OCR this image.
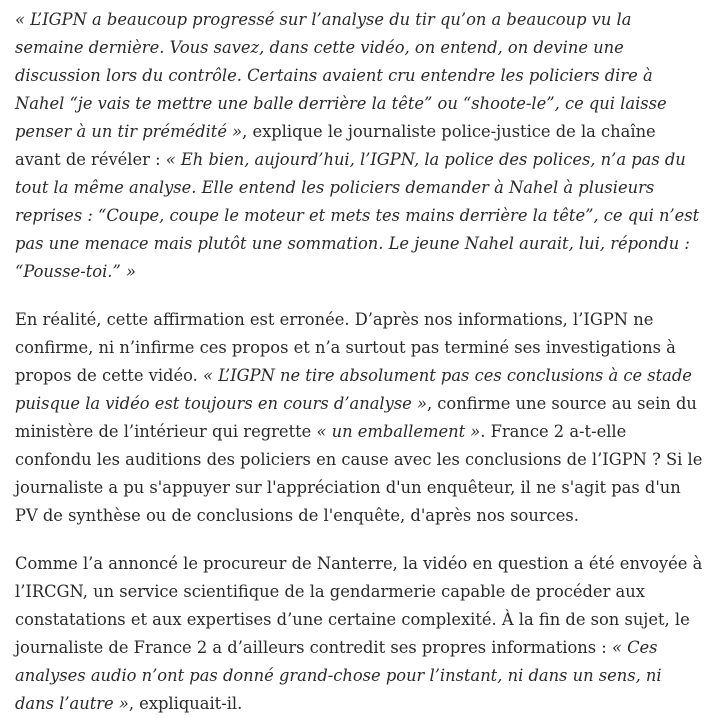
« L’IGPN a beaucoup progressé sur l’analyse du tir qu’on a beaucoup vu la semaine dernière. Vous savez, dans cette vidéo, on entend, on devine une discussion lors du contrôle. Certains avaient cru entendre les policiers dire à Nahel “je vais te mettre une balle derrière la tête” ou “shoote-le”, ce qui laisse penser à un tir prémédité », explique le journaliste police-justice de la chaîne avant de révéler : « Eh bien, aujourd’hui, l’IGPN, la police des polices, n’a pas du tout la même analyse. Elle entend les policiers demander à Nahel à plusieurs reprises : “Coupe, coupe le moteur et mets tes mains derrière la tête”, ce qui n’est pas une menace mais plutôt une sommation. Le jeune Nahel aurait, lui, répondu : “Pousse-toi.” »

En réalité, cette affirmation est erronée. D’après nos informations, l’IGPN ne confirme, ni n’infirme ces propos et n’a surtout pas terminé ses investigations à propos de cette vidéo. « L’IGPN ne tire absolument pas ces conclusions à ce stade puisque la vidéo est toujours en cours d’analyse », confirme une source au sein du ministère de l’intérieur qui regrette « un emballement ». France 2 a-t-elle confondu les auditions des policiers en cause avec les conclusions de l’IGPN ? Si le journaliste a pu s'appuyer sur l'appréciation d'un enquêteur, il ne s'agit pas d'un PV de synthèse ou de conclusions de l'enquête, d'après nos sources.

Comme l’a annoncé le procureur de Nanterre, la vidéo en question a été envoyée à l’IRCGN, un service scientifique de la gendarmerie capable de procéder aux constatations et aux expertises d’une certaine complexité. À la fin de son sujet, le journaliste de France 2 a d’ailleurs contredit ses propres informations : « Ces analyses audio n’ont pas donné grand-chose pour l’instant, ni dans un sens, ni dans l’autre », expliquait-il.
